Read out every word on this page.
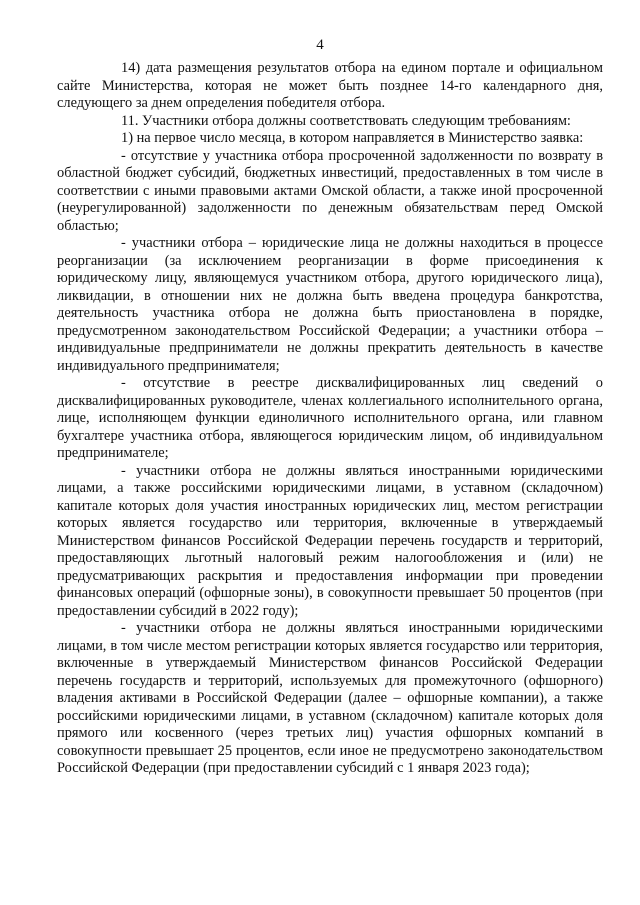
4

14) дата размещения результатов отбора на едином портале и официальном сайте Министерства, которая не может быть позднее 14-го календарного дня, следующего за днем определения победителя отбора.

11. Участники отбора должны соответствовать следующим требованиям:

1) на первое число месяца, в котором направляется в Министерство заявка:

- отсутствие у участника отбора просроченной задолженности по возврату в областной бюджет субсидий, бюджетных инвестиций, предоставленных в том числе в соответствии с иными правовыми актами Омской области, а также иной просроченной (неурегулированной) задолженности по денежным обязательствам перед Омской областью;

- участники отбора – юридические лица не должны находиться в процессе реорганизации (за исключением реорганизации в форме присоединения к юридическому лицу, являющемуся участником отбора, другого юридического лица), ликвидации, в отношении них не должна быть введена процедура банкротства, деятельность участника отбора не должна быть приостановлена в порядке, предусмотренном законодательством Российской Федерации; а участники отбора – индивидуальные предприниматели не должны прекратить деятельность в качестве индивидуального предпринимателя;

- отсутствие в реестре дисквалифицированных лиц сведений о дисквалифицированных руководителе, членах коллегиального исполнительного органа, лице, исполняющем функции единоличного исполнительного органа, или главном бухгалтере участника отбора, являющегося юридическим лицом, об индивидуальном предпринимателе;

- участники отбора не должны являться иностранными юридическими лицами, а также российскими юридическими лицами, в уставном (складочном) капитале которых доля участия иностранных юридических лиц, местом регистрации которых является государство или территория, включенные в утверждаемый Министерством финансов Российской Федерации перечень государств и территорий, предоставляющих льготный налоговый режим налогообложения и (или) не предусматривающих раскрытия и предоставления информации при проведении финансовых операций (офшорные зоны), в совокупности превышает 50 процентов (при предоставлении субсидий в 2022 году);

- участники отбора не должны являться иностранными юридическими лицами, в том числе местом регистрации которых является государство или территория, включенные в утверждаемый Министерством финансов Российской Федерации перечень государств и территорий, используемых для промежуточного (офшорного) владения активами в Российской Федерации (далее – офшорные компании), а также российскими юридическими лицами, в уставном (складочном) капитале которых доля прямого или косвенного (через третьих лиц) участия офшорных компаний в совокупности превышает 25 процентов, если иное не предусмотрено законодательством Российской Федерации (при предоставлении субсидий с 1 января 2023 года);
